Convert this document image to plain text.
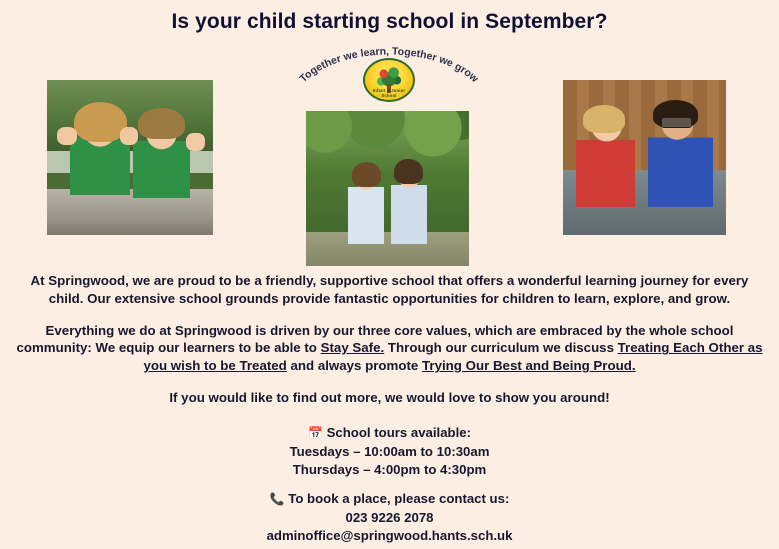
Is your child starting school in September?
Together we learn, Together we grow
Infant & Junior School

At Springwood, we are proud to be a friendly, supportive school that offers a wonderful learning journey for every child. Our extensive school grounds provide fantastic opportunities for children to learn, explore, and grow.

Everything we do at Springwood is driven by our three core values, which are embraced by the whole school community: We equip our learners to be able to Stay Safe. Through our curriculum we discuss Treating Each Other as you wish to be Treated and always promote Trying Our Best and Being Proud.

If you would like to find out more, we would love to show you around!

📅 School tours available:
Tuesdays – 10:00am to 10:30am
Thursdays – 4:00pm to 4:30pm
📞 To book a place, please contact us:
023 9226 2078
adminoffice@springwood.hants.sch.uk
